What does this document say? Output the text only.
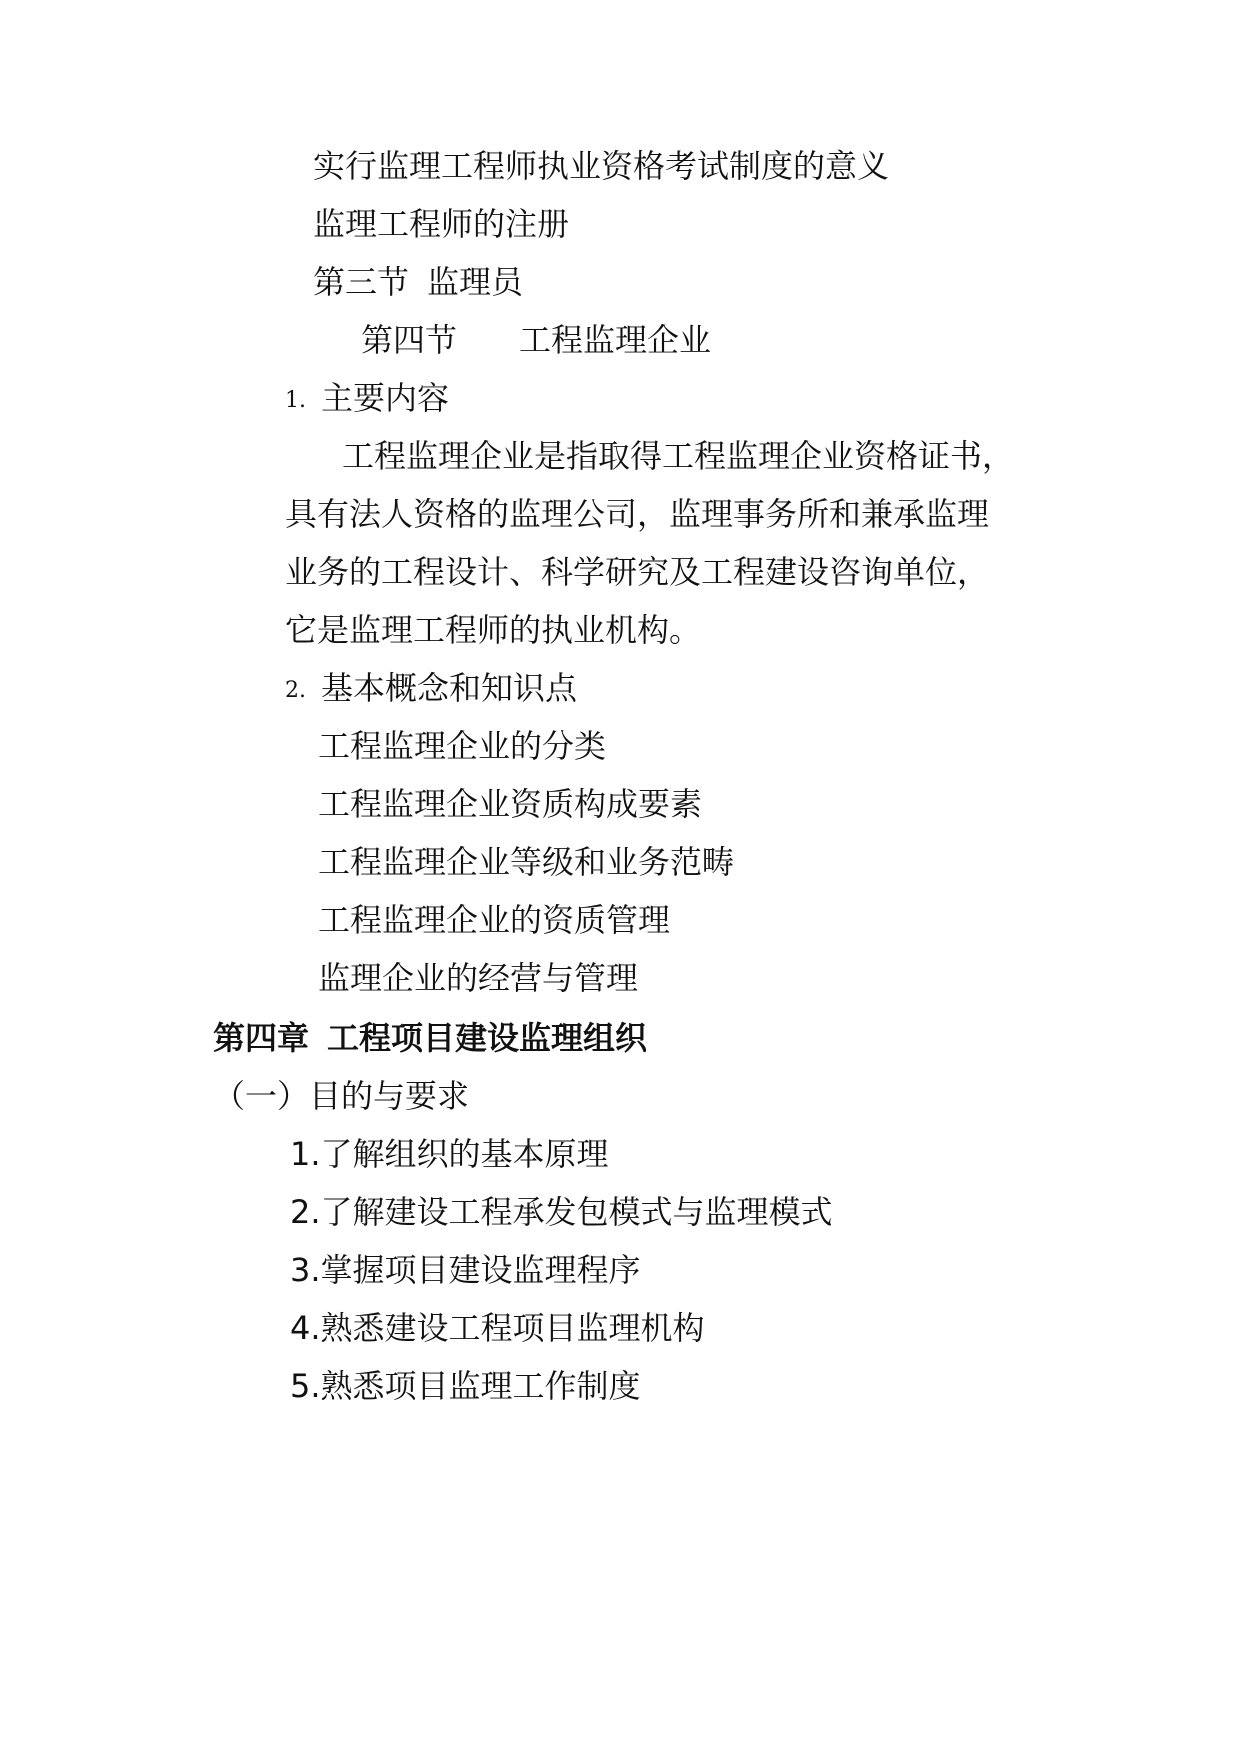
实行监理工程师执业资格考试制度的意义
监理工程师的注册
第三节 监理员
第四节 工程监理企业
1. 主要内容
工程监理企业是指取得工程监理企业资格证书，
具有法人资格的监理公司，监理事务所和兼承监理
业务的工程设计、科学研究及工程建设咨询单位，
它是监理工程师的执业机构。
2. 基本概念和知识点
工程监理企业的分类
工程监理企业资质构成要素
工程监理企业等级和业务范畴
工程监理企业的资质管理
监理企业的经营与管理
第四章 工程项目建设监理组织
（一）目的与要求
1.了解组织的基本原理
2.了解建设工程承发包模式与监理模式
3.掌握项目建设监理程序
4.熟悉建设工程项目监理机构
5.熟悉项目监理工作制度
